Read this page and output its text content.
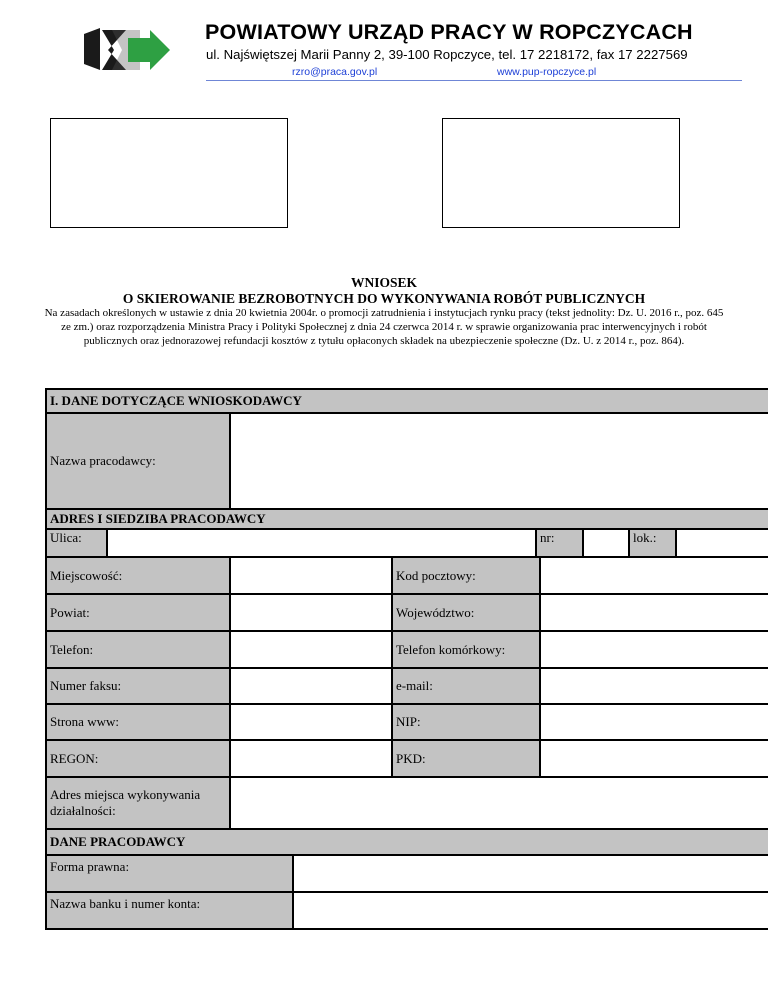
POWIATOWY URZĄD PRACY W ROPCZYCACH
ul. Najświętszej Marii Panny 2, 39-100 Ropczyce, tel. 17 2218172, fax 17 2227569
rzro@praca.gov.pl	www.pup-ropczyce.pl
WNIOSEK
O SKIEROWANIE BEZROBOTNYCH DO WYKONYWANIA ROBÓT PUBLICZNYCH
Na zasadach określonych w ustawie z dnia 20 kwietnia 2004r. o promocji zatrudnienia i instytucjach rynku pracy (tekst jednolity: Dz. U. 2016 r., poz. 645 ze zm.) oraz rozporządzenia Ministra Pracy i Polityki Społecznej z dnia 24 czerwca 2014 r. w sprawie organizowania prac interwencyjnych i robót publicznych oraz jednorazowej refundacji kosztów z tytułu opłaconych składek na ubezpieczenie społeczne (Dz. U. z 2014 r., poz. 864).
I. DANE DOTYCZĄCE WNIOSKODAWCY
Nazwa pracodawcy:
ADRES I SIEDZIBA PRACODAWCY
Ulica:	nr:	lok.:
Miejscowość:	Kod pocztowy:
Powiat:	Województwo:
Telefon:	Telefon komórkowy:
Numer faksu:	e-mail:
Strona www:	NIP:
REGON:	PKD:
Adres miejsca wykonywania działalności:
DANE PRACODAWCY
Forma prawna:
Nazwa banku i numer konta:
